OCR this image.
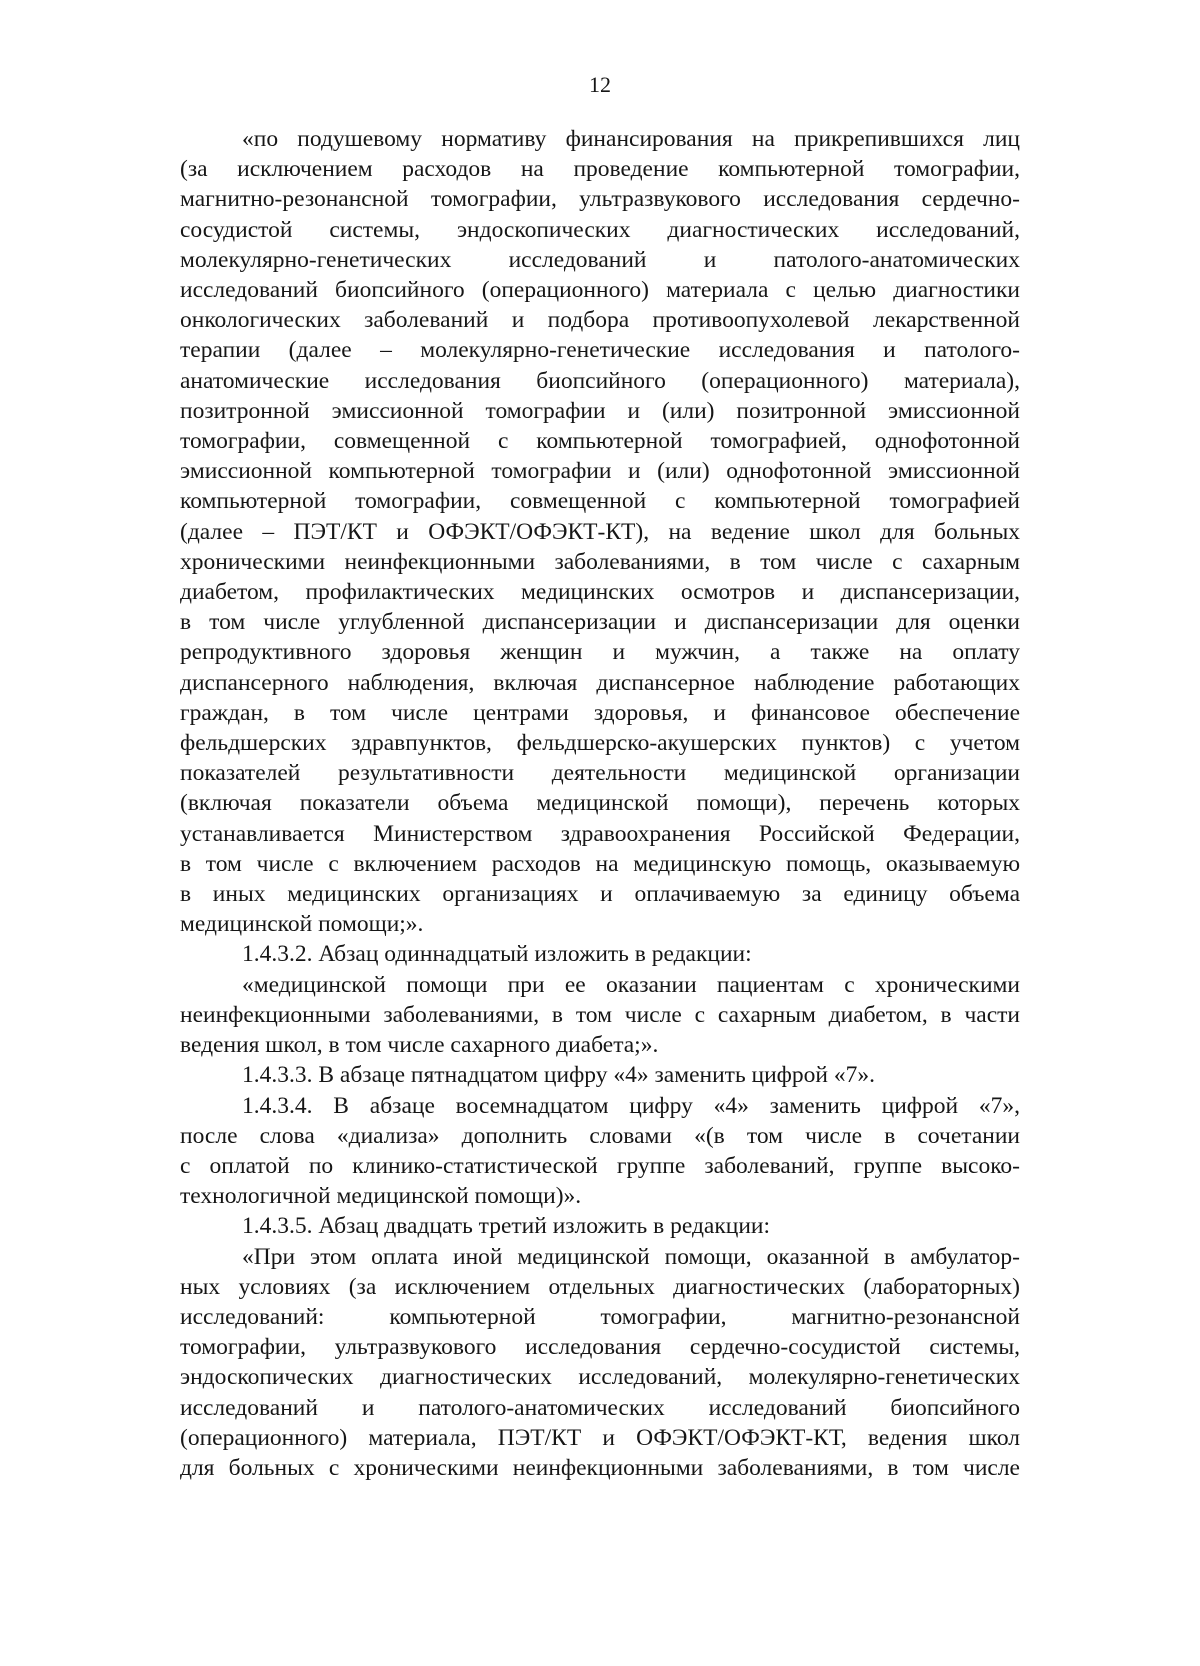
12
«по подушевому нормативу финансирования на прикрепившихся лиц
(за исключением расходов на проведение компьютерной томографии,
магнитно-резонансной томографии, ультразвукового исследования сердечно-
сосудистой системы, эндоскопических диагностических исследований,
молекулярно-генетических исследований и патолого-анатомических
исследований биопсийного (операционного) материала с целью диагностики
онкологических заболеваний и подбора противоопухолевой лекарственной
терапии (далее – молекулярно-генетические исследования и патолого-
анатомические исследования биопсийного (операционного) материала),
позитронной эмиссионной томографии и (или) позитронной эмиссионной
томографии, совмещенной с компьютерной томографией, однофотонной
эмиссионной компьютерной томографии и (или) однофотонной эмиссионной
компьютерной томографии, совмещенной с компьютерной томографией
(далее – ПЭТ/КТ и ОФЭКТ/ОФЭКТ-КТ), на ведение школ для больных
хроническими неинфекционными заболеваниями, в том числе с сахарным
диабетом, профилактических медицинских осмотров и диспансеризации,
в том числе углубленной диспансеризации и диспансеризации для оценки
репродуктивного здоровья женщин и мужчин, а также на оплату
диспансерного наблюдения, включая диспансерное наблюдение работающих
граждан, в том числе центрами здоровья, и финансовое обеспечение
фельдшерских здравпунктов, фельдшерско-акушерских пунктов) с учетом
показателей результативности деятельности медицинской организации
(включая показатели объема медицинской помощи), перечень которых
устанавливается Министерством здравоохранения Российской Федерации,
в том числе с включением расходов на медицинскую помощь, оказываемую
в иных медицинских организациях и оплачиваемую за единицу объема
медицинской помощи;».
1.4.3.2. Абзац одиннадцатый изложить в редакции:
«медицинской помощи при ее оказании пациентам с хроническими
неинфекционными заболеваниями, в том числе с сахарным диабетом, в части
ведения школ, в том числе сахарного диабета;».
1.4.3.3. В абзаце пятнадцатом цифру «4» заменить цифрой «7».
1.4.3.4. В абзаце восемнадцатом цифру «4» заменить цифрой «7»,
после слова «диализа» дополнить словами «(в том числе в сочетании
с оплатой по клинико-статистической группе заболеваний, группе высоко-
технологичной медицинской помощи)».
1.4.3.5. Абзац двадцать третий изложить в редакции:
«При этом оплата иной медицинской помощи, оказанной в амбулатор-
ных условиях (за исключением отдельных диагностических (лабораторных)
исследований: компьютерной томографии, магнитно-резонансной
томографии, ультразвукового исследования сердечно-сосудистой системы,
эндоскопических диагностических исследований, молекулярно-генетических
исследований и патолого-анатомических исследований биопсийного
(операционного) материала, ПЭТ/КТ и ОФЭКТ/ОФЭКТ-КТ, ведения школ
для больных с хроническими неинфекционными заболеваниями, в том числе
